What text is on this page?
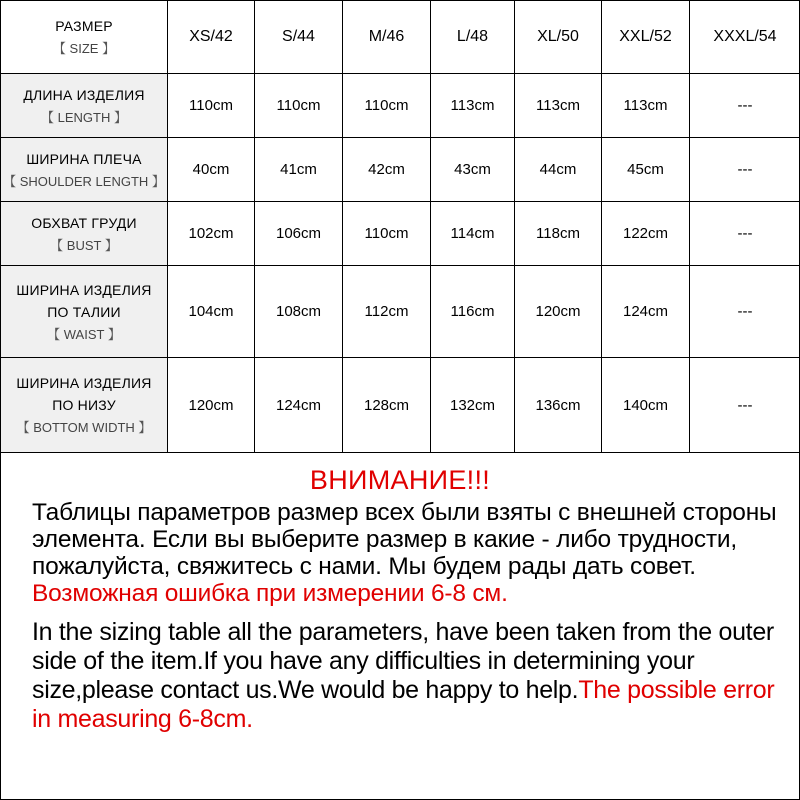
РАЗМЕР
【 SIZE 】	XS/42	S/44	M/46	L/48	XL/50	XXL/52	XXXL/54

ДЛИНА ИЗДЕЛИЯ
【 LENGTH 】	110cm	110cm	110cm	113cm	113cm	113cm	---

ШИРИНА ПЛЕЧА
【 SHOULDER LENGTH 】	40cm	41cm	42cm	43cm	44cm	45cm	---

ОБХВАТ ГРУДИ
【 BUST 】	102cm	106cm	110cm	114cm	118cm	122cm	---

ШИРИНА ИЗДЕЛИЯ
ПО ТАЛИИ
【 WAIST 】	104cm	108cm	112cm	116cm	120cm	124cm	---

ШИРИНА ИЗДЕЛИЯ
ПО НИЗУ
【 BOTTOM WIDTH 】	120cm	124cm	128cm	132cm	136cm	140cm	---
ВНИМАНИЕ!!!

Таблицы параметров размер всех были взяты с внешней стороны элемента. Если вы выберите размер в какие - либо трудности, пожалуйста, свяжитесь с нами. Мы будем рады дать совет. Возможная ошибка при измерении 6-8 см.

In the sizing table all the parameters, have been taken from the outer side of the item.If you have any difficulties in determining your size,please contact us.We would be happy to help.The possible error in measuring 6-8cm.
